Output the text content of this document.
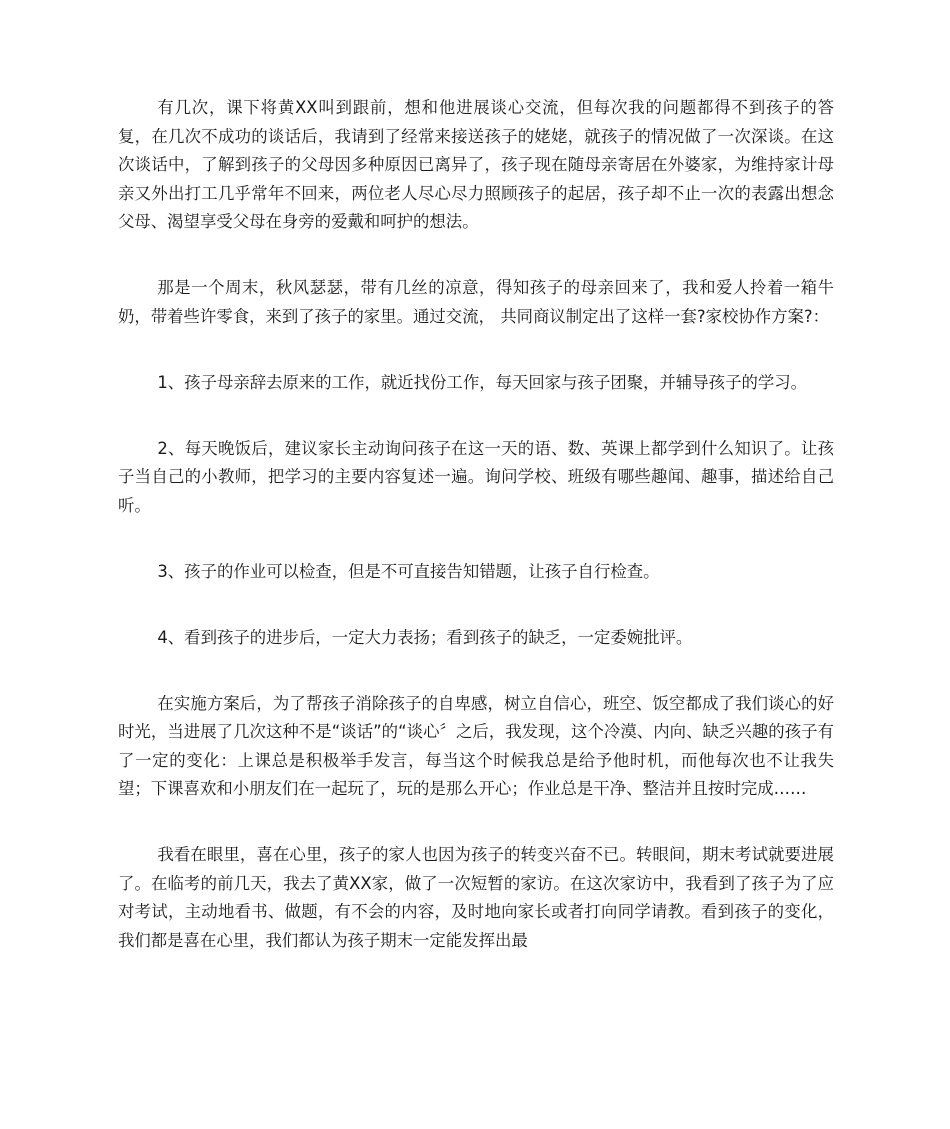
有几次，课下将黄XX叫到跟前，想和他进展谈心交流，但每次我的问题都得不到孩子的答复，在几次不成功的谈话后，我请到了经常来接送孩子的姥姥，就孩子的情况做了一次深谈。在这次谈话中，了解到孩子的父母因多种原因已离异了，孩子现在随母亲寄居在外婆家，为维持家计母亲又外出打工几乎常年不回来，两位老人尽心尽力照顾孩子的起居，孩子却不止一次的表露出想念父母、渴望享受父母在身旁的爱戴和呵护的想法。

那是一个周末，秋风瑟瑟，带有几丝的凉意，得知孩子的母亲回来了，我和爱人拎着一箱牛奶，带着些许零食，来到了孩子的家里。通过交流， 共同商议制定出了这样一套?家校协作方案?：

1、孩子母亲辞去原来的工作，就近找份工作，每天回家与孩子团聚，并辅导孩子的学习。

2、每天晚饭后，建议家长主动询问孩子在这一天的语、数、英课上都学到什么知识了。让孩子当自己的小教师，把学习的主要内容复述一遍。询问学校、班级有哪些趣闻、趣事，描述给自己听。

3、孩子的作业可以检查，但是不可直接告知错题，让孩子自行检查。

4、看到孩子的进步后，一定大力表扬；看到孩子的缺乏，一定委婉批评。

在实施方案后，为了帮孩子消除孩子的自卑感，树立自信心，班空、饭空都成了我们谈心的好时光，当进展了几次这种不是“谈话”的“谈心〞之后，我发现，这个冷漠、内向、缺乏兴趣的孩子有了一定的变化：上课总是积极举手发言，每当这个时候我总是给予他时机，而他每次也不让我失望；下课喜欢和小朋友们在一起玩了，玩的是那么开心；作业总是干净、整洁并且按时完成……

我看在眼里，喜在心里，孩子的家人也因为孩子的转变兴奋不已。转眼间，期末考试就要进展了。在临考的前几天，我去了黄XX家，做了一次短暂的家访。在这次家访中，我看到了孩子为了应对考试，主动地看书、做题，有不会的内容，及时地向家长或者打向同学请教。看到孩子的变化，我们都是喜在心里，我们都认为孩子期末一定能发挥出最
